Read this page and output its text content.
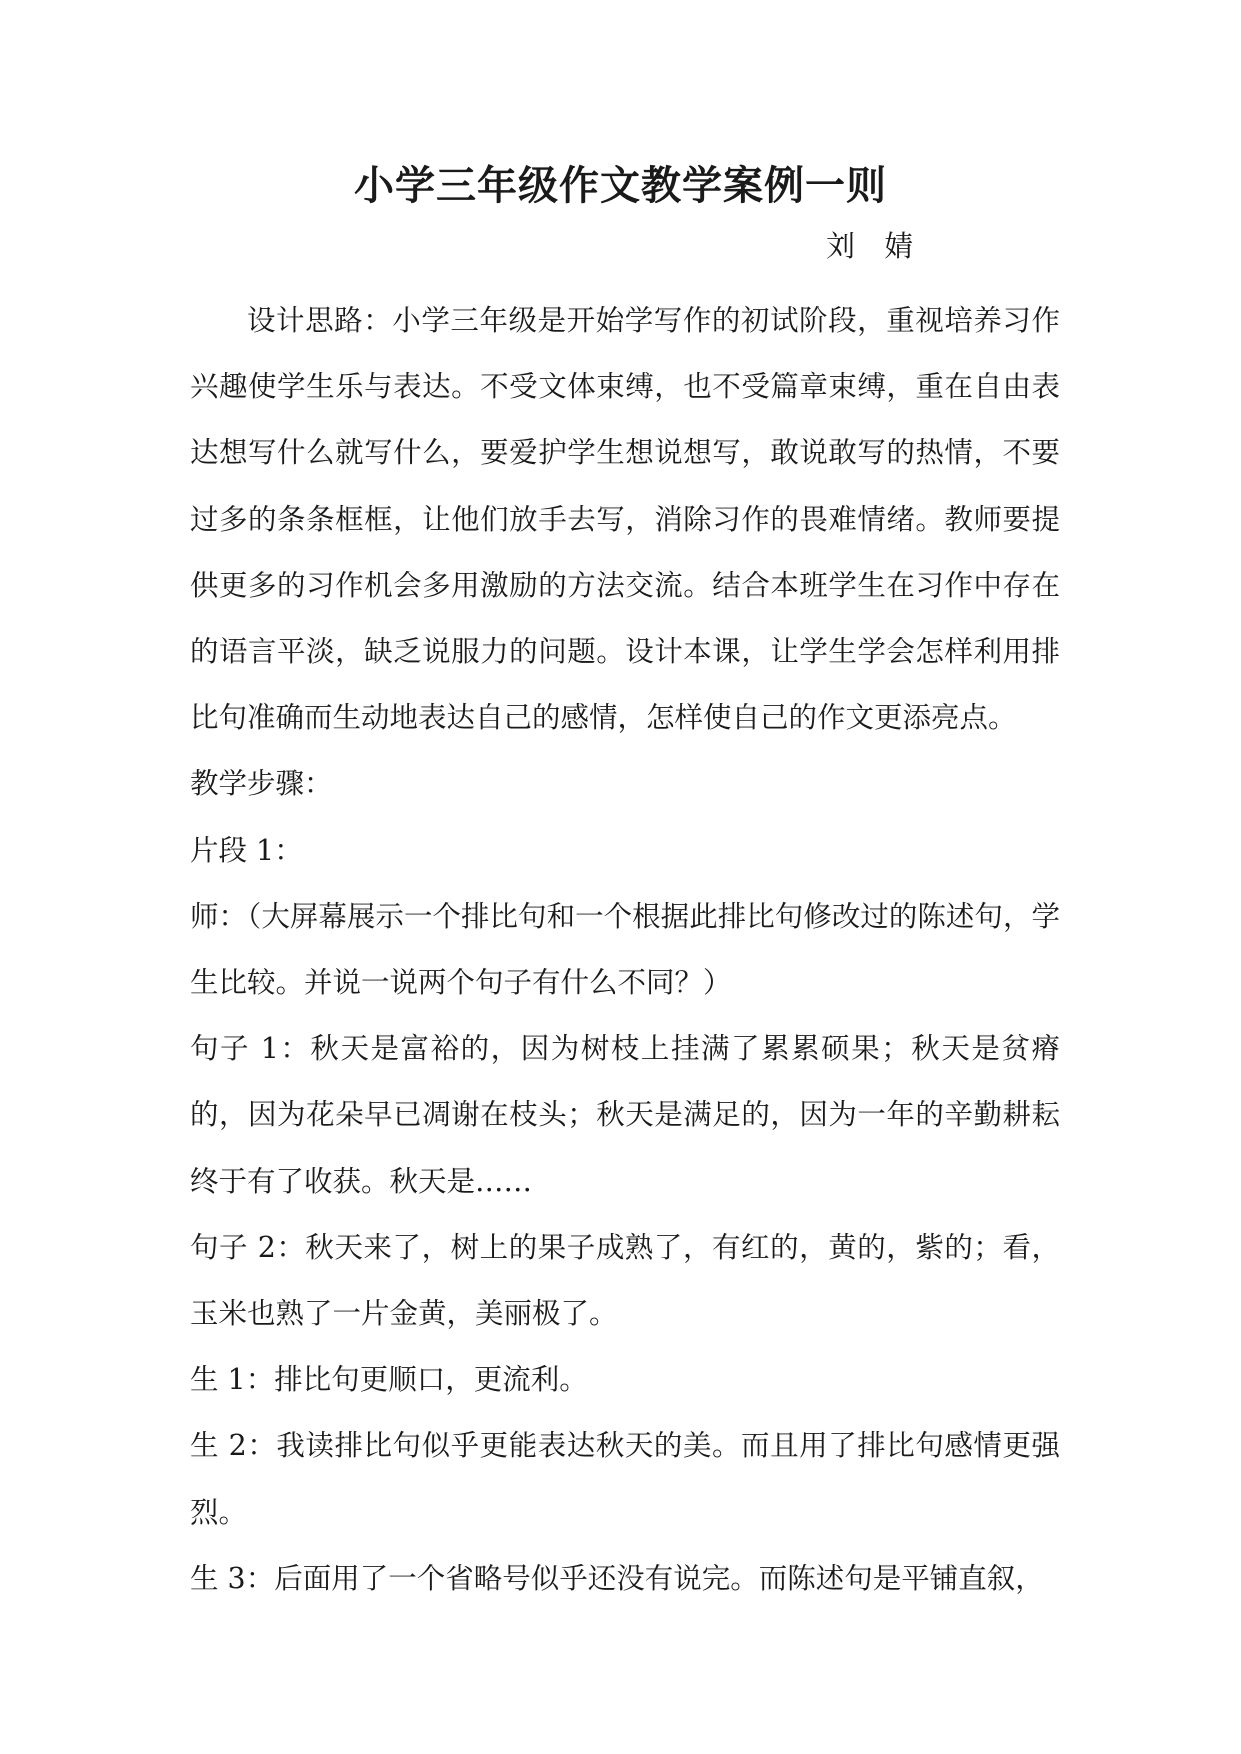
小学三年级作文教学案例一则
刘 婧

设计思路：小学三年级是开始学写作的初试阶段，重视培养习作兴趣使学生乐与表达。不受文体束缚，也不受篇章束缚，重在自由表达想写什么就写什么，要爱护学生想说想写，敢说敢写的热情，不要过多的条条框框，让他们放手去写，消除习作的畏难情绪。教师要提供更多的习作机会多用激励的方法交流。结合本班学生在习作中存在的语言平淡，缺乏说服力的问题。设计本课，让学生学会怎样利用排比句准确而生动地表达自己的感情，怎样使自己的作文更添亮点。

教学步骤：

片段 1：

师：（大屏幕展示一个排比句和一个根据此排比句修改过的陈述句，学生比较。并说一说两个句子有什么不同？）

句子 1：秋天是富裕的，因为树枝上挂满了累累硕果；秋天是贫瘠的，因为花朵早已凋谢在枝头；秋天是满足的，因为一年的辛勤耕耘终于有了收获。秋天是……

句子 2：秋天来了，树上的果子成熟了，有红的，黄的，紫的；看，玉米也熟了一片金黄，美丽极了。

生 1：排比句更顺口，更流利。

生 2：我读排比句似乎更能表达秋天的美。而且用了排比句感情更强烈。

生 3：后面用了一个省略号似乎还没有说完。而陈述句是平铺直叙，
